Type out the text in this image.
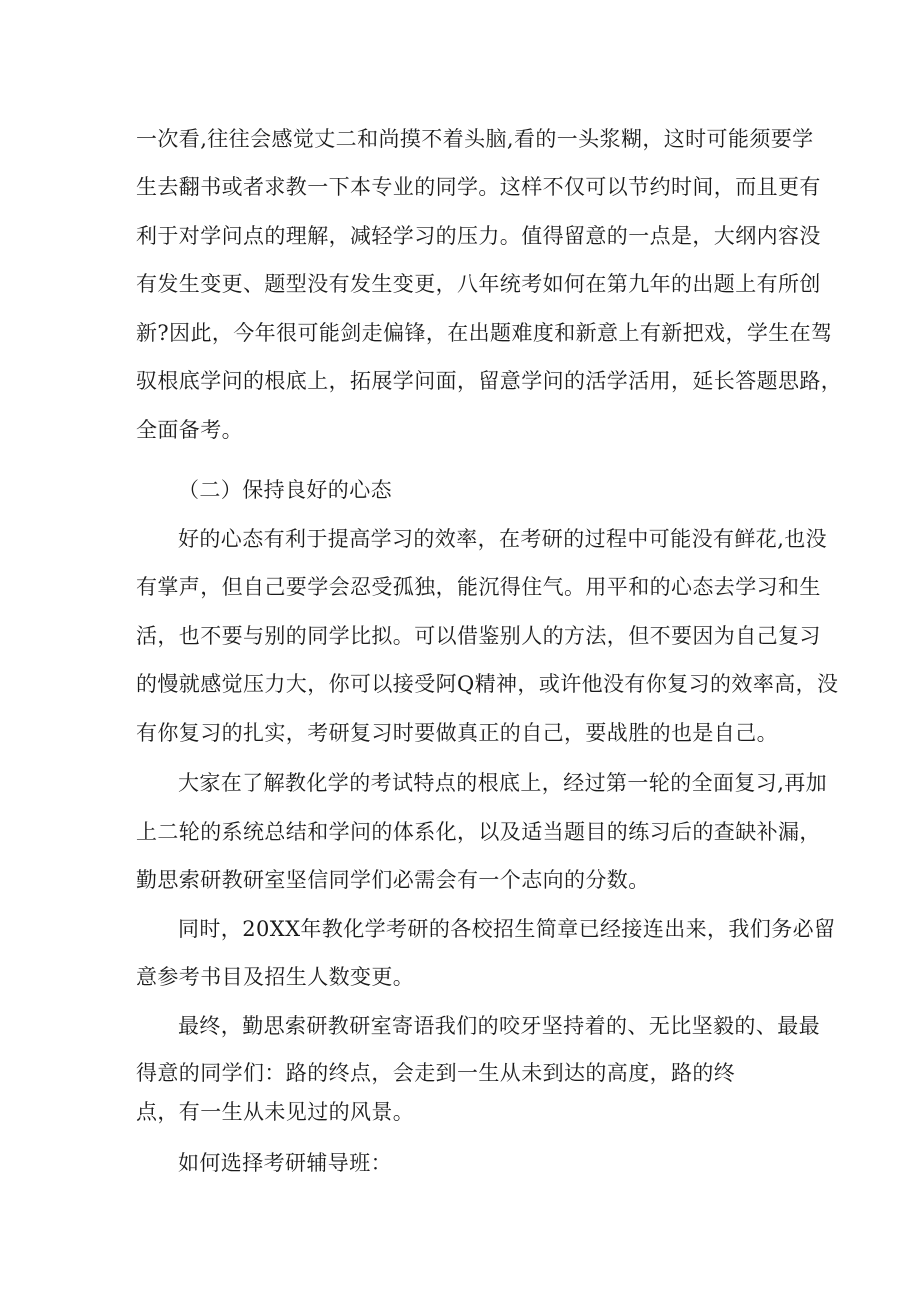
一次看,往往会感觉丈二和尚摸不着头脑,看的一头浆糊，这时可能须要学
生去翻书或者求教一下本专业的同学。这样不仅可以节约时间，而且更有
利于对学问点的理解，减轻学习的压力。值得留意的一点是，大纲内容没
有发生变更、题型没有发生变更，八年统考如何在第九年的出题上有所创
新?因此，今年很可能剑走偏锋，在出题难度和新意上有新把戏，学生在驾
驭根底学问的根底上，拓展学问面，留意学问的活学活用，延长答题思路，
全面备考。
（二）保持良好的心态
好的心态有利于提高学习的效率，在考研的过程中可能没有鲜花,也没
有掌声，但自己要学会忍受孤独，能沉得住气。用平和的心态去学习和生
活，也不要与别的同学比拟。可以借鉴别人的方法，但不要因为自己复习
的慢就感觉压力大，你可以接受阿Q精神，或许他没有你复习的效率高，没
有你复习的扎实，考研复习时要做真正的自己，要战胜的也是自己。
大家在了解教化学的考试特点的根底上，经过第一轮的全面复习,再加
上二轮的系统总结和学问的体系化，以及适当题目的练习后的查缺补漏，
勤思索研教研室坚信同学们必需会有一个志向的分数。
同时，20XX年教化学考研的各校招生简章已经接连出来，我们务必留
意参考书目及招生人数变更。
最终，勤思索研教研室寄语我们的咬牙坚持着的、无比坚毅的、最最
得意的同学们：路的终点，会走到一生从未到达的高度，路的终
点，有一生从未见过的风景。
如何选择考研辅导班：
